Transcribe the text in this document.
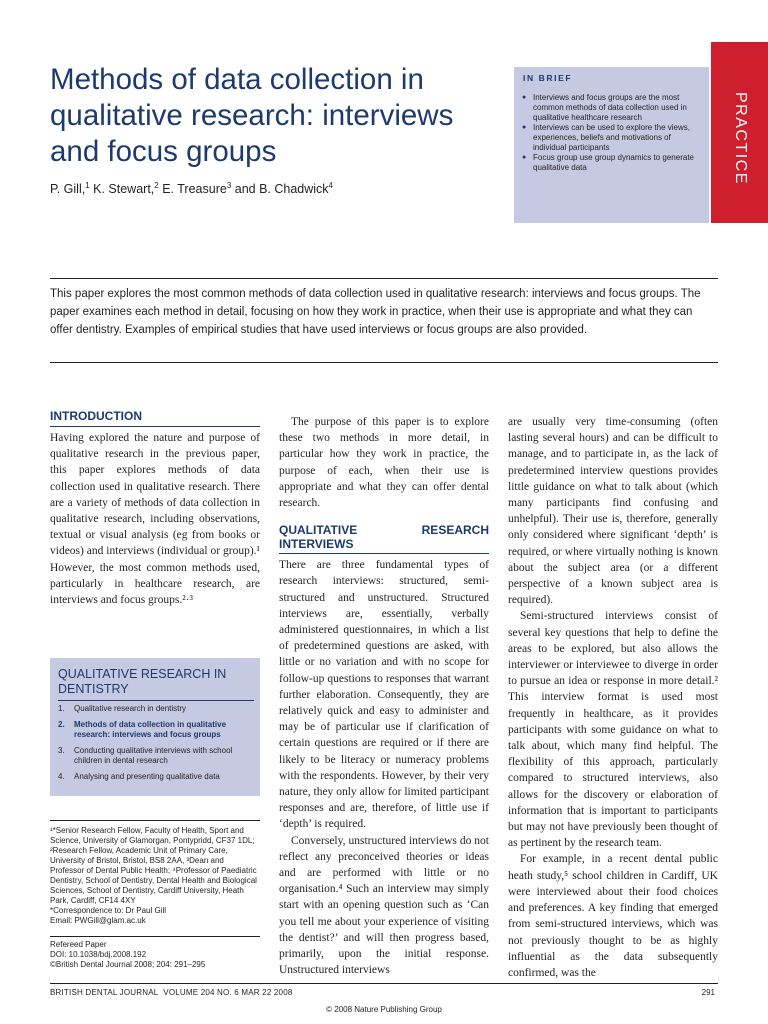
Methods of data collection in qualitative research: interviews and focus groups
P. Gill,$^1$ K. Stewart,$^2$ E. Treasure$^3$ and B. Chadwick$^4$
IN BRIEF
● Interviews and focus groups are the most common methods of data collection used in qualitative healthcare research
● Interviews can be used to explore the views, experiences, beliefs and motivations of individual participants
● Focus group use group dynamics to generate qualitative data	PRACTICE
This paper explores the most common methods of data collection used in qualitative research: interviews and focus groups. The paper examines each method in detail, focusing on how they work in practice, when their use is appropriate and what they can offer dentistry. Examples of empirical studies that have used interviews or focus groups are also provided.
INTRODUCTION

Having explored the nature and purpose of qualitative research in the previous paper, this paper explores methods of data collection used in qualitative research. There are a variety of methods of data collection in qualitative research, including observations, textual or visual analysis (eg from books or videos) and interviews (individual or group).¹ However, the most common methods used, particularly in healthcare research, are interviews and focus groups.²·³

QUALITATIVE RESEARCH IN DENTISTRY
1. Qualitative research in dentistry
2. Methods of data collection in qualitative research: interviews and focus groups
3. Conducting qualitative interviews with school children in dental research
4. Analysing and presenting qualitative data
¹*Senior Research Fellow, Faculty of Health, Sport and Science, University of Glamorgan, Pontypridd, CF37 1DL; ²Research Fellow, Academic Unit of Primary Care, University of Bristol, Bristol, BS8 2AA, ³Dean and Professor of Dental Public Health; ⁴Professor of Paediatric Dentistry, School of Dentistry, Dental Health and Biological Sciences, School of Dentistry, Cardiff University, Heath Park, Cardiff, CF14 4XY
*Correspondence to: Dr Paul Gill
Email: PWGill@glam.ac.uk
Refereed Paper
DOI: 10.1038/bdj.2008.192
©British Dental Journal 2008; 204: 291–295

The purpose of this paper is to explore these two methods in more detail, in particular how they work in practice, the purpose of each, when their use is appropriate and what they can offer dental research.

QUALITATIVE RESEARCH INTERVIEWS

There are three fundamental types of research interviews: structured, semi-structured and unstructured. Structured interviews are, essentially, verbally administered questionnaires, in which a list of predetermined questions are asked, with little or no variation and with no scope for follow-up questions to responses that warrant further elaboration. Consequently, they are relatively quick and easy to administer and may be of particular use if clarification of certain questions are required or if there are likely to be literacy or numeracy problems with the respondents. However, by their very nature, they only allow for limited participant responses and are, therefore, of little use if ‘depth’ is required.

Conversely, unstructured interviews do not reflect any preconceived theories or ideas and are performed with little or no organisation.⁴ Such an interview may simply start with an opening question such as ‘Can you tell me about your experience of visiting the dentist?’ and will then progress based, primarily, upon the initial response. Unstructured interviews

are usually very time-consuming (often lasting several hours) and can be difficult to manage, and to participate in, as the lack of predetermined interview questions provides little guidance on what to talk about (which many participants find confusing and unhelpful). Their use is, therefore, generally only considered where significant ‘depth’ is required, or where virtually nothing is known about the subject area (or a different perspective of a known subject area is required).

Semi-structured interviews consist of several key questions that help to define the areas to be explored, but also allows the interviewer or interviewee to diverge in order to pursue an idea or response in more detail.² This interview format is used most frequently in healthcare, as it provides participants with some guidance on what to talk about, which many find helpful. The flexibility of this approach, particularly compared to structured interviews, also allows for the discovery or elaboration of information that is important to participants but may not have previously been thought of as pertinent by the research team.

For example, in a recent dental public heath study,⁵ school children in Cardiff, UK were interviewed about their food choices and preferences. A key finding that emerged from semi-structured interviews, which was not previously thought to be as highly influential as the data subsequently confirmed, was the

BRITISH DENTAL JOURNAL VOLUME 204 NO. 6 MAR 22 2008	291
© 2008 Nature Publishing Group
